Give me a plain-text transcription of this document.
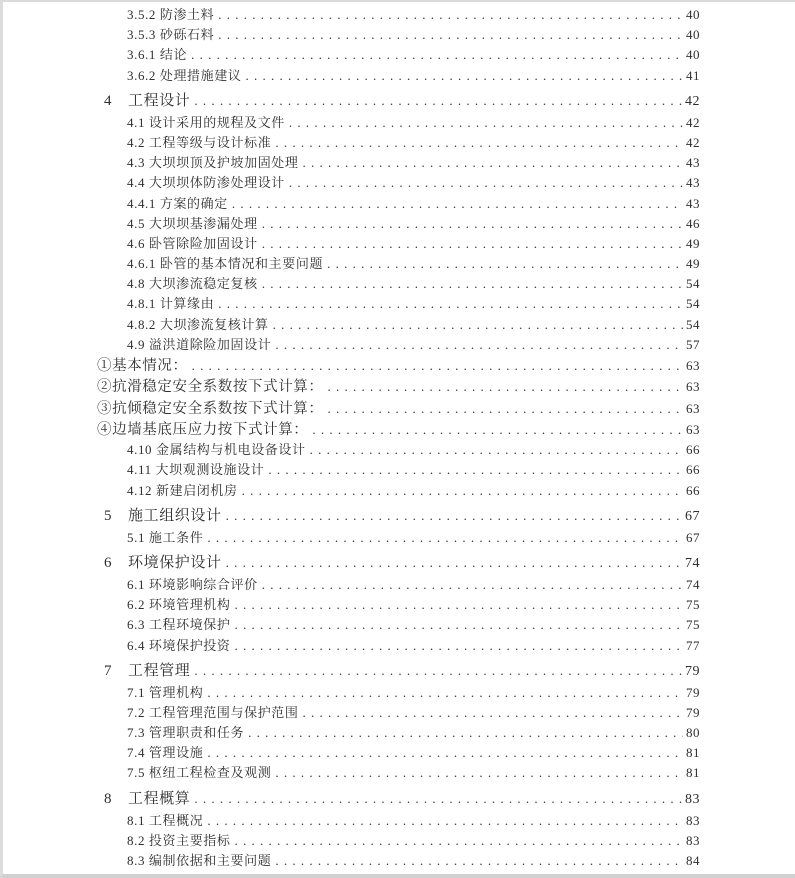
3.5.2 防渗土料 . . .	40
3.5.3 砂砾石料 . . .	40
3.6.1 结论 . . .	40
3.6.2 处理措施建议 . . .	41
4	工程设计 . . .	42
4.1 设计采用的规程及文件 . . .	42
4.2 工程等级与设计标准 . . .	42
4.3 大坝坝顶及护坡加固处理 . . .	43
4.4 大坝坝体防渗处理设计 . . .	43
4.4.1 方案的确定 . . .	43
4.5 大坝坝基渗漏处理 . . .	46
4.6 卧管除险加固设计 . . .	49
4.6.1 卧管的基本情况和主要问题 . . .	49
4.8 大坝渗流稳定复核 . . .	54
4.8.1 计算缘由 . . .	54
4.8.2 大坝渗流复核计算 . . .	54
4.9 溢洪道除险加固设计 . . .	57
①基本情况： . . .	63
②抗滑稳定安全系数按下式计算： . . .	63
③抗倾稳定安全系数按下式计算： . . .	63
④边墙基底压应力按下式计算： . . .	63
4.10 金属结构与机电设备设计 . . .	66
4.11 大坝观测设施设计 . . .	66
4.12 新建启闭机房 . . .	66
5	施工组织设计 . . .	67
5.1 施工条件 . . .	67
6	环境保护设计 . . .	74
6.1 环境影响综合评价 . . .	74
6.2 环境管理机构 . . .	75
6.3 工程环境保护 . . .	75
6.4 环境保护投资 . . .	77
7	工程管理 . . .	79
7.1 管理机构 . . .	79
7.2 工程管理范围与保护范围 . . .	79
7.3 管理职责和任务 . . .	80
7.4 管理设施 . . .	81
7.5 枢纽工程检查及观测 . . .	81
8	工程概算 . . .	83
8.1 工程概况 . . .	83
8.2 投资主要指标 . . .	83
8.3 编制依据和主要问题 . . .	84
